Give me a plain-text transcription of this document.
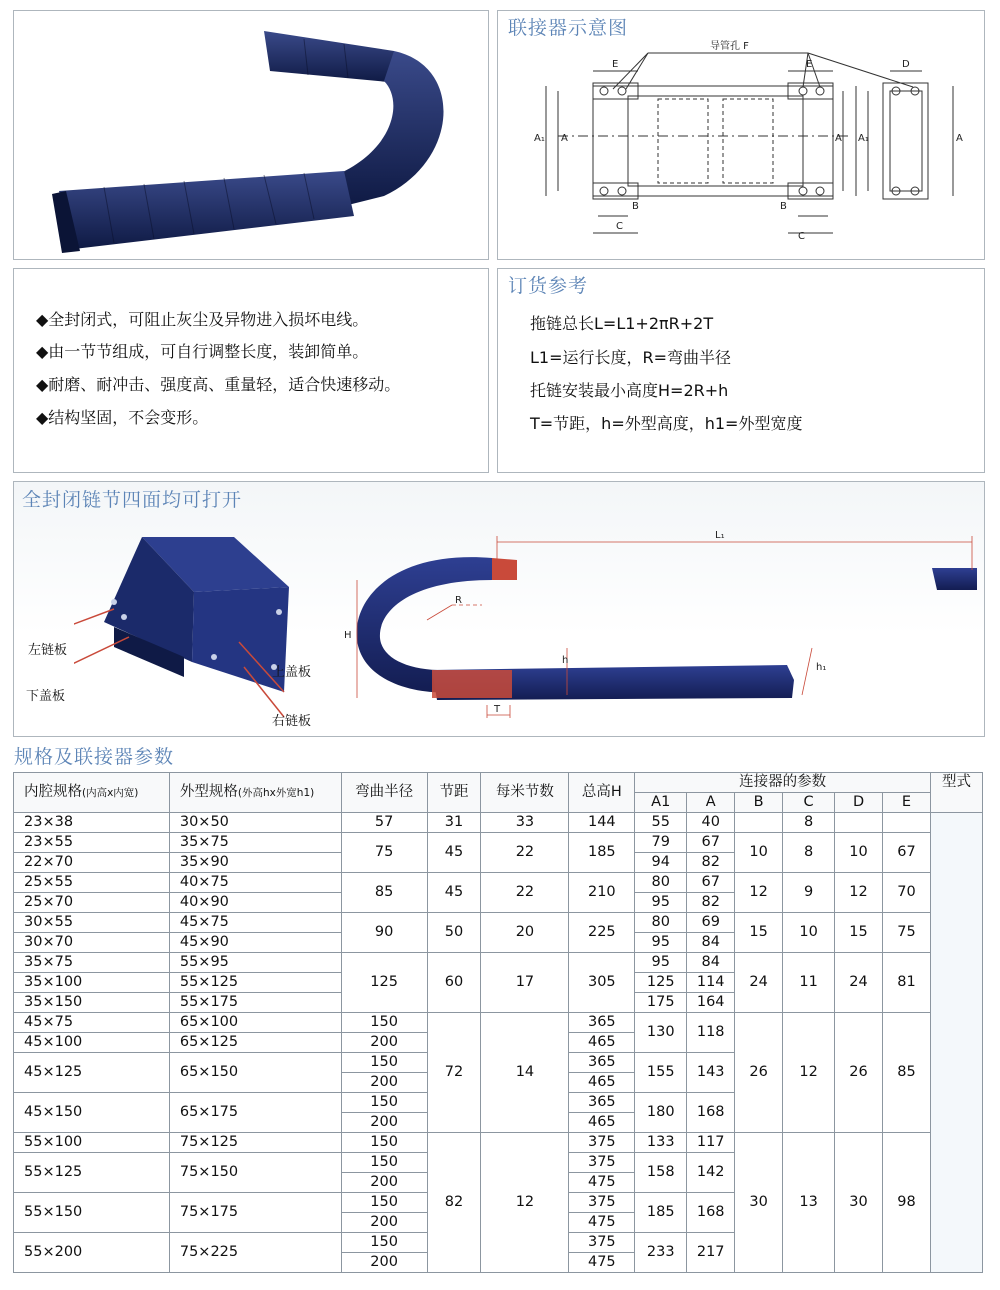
联接器示意图
导管孔 F
E	E	D
A₁ A	A A₁	A
B	B
C
C
◆全封闭式，可阻止灰尘及异物进入损坏电线。
◆由一节节组成，可自行调整长度，装卸简单。
◆耐磨、耐冲击、强度高、重量轻，适合快速移动。
◆结构坚固，不会变形。
订货参考
拖链总长L=L1+2πR+2T
L1=运行长度，R=弯曲半径
托链安装最小高度H=2R+h
T=节距，h=外型高度，h1=外型宽度
全封闭链节四面均可打开
左链板
下盖板
上盖板
右链板
L₁
H
R
h
h₁
T
规格及联接器参数
内腔规格(内高x内宽)	外型规格(外高hx外宽h1)	弯曲半径	节距	每米节数	总高H	连接器的参数						型式
						A1	A	B	C	D	E	
23×38	30×50	57	31	33	144	55	40		8			
23×55	35×75	75	45	22	185	79	67	10	8	10	67	
22×70	35×90					94	82					
25×55	40×75	85	45	22	210	80	67	12	9	12	70	
25×70	40×90					95	82					
30×55	45×75	90	50	20	225	80	69	15	10	15	75	
30×70	45×90					95	84					
35×75	55×95	125	60	17	305	95	84	24	11	24	81	
35×100	55×125					125	114					
35×150	55×175					175	164					
45×75	65×100	150	72	14	365	130	118	26	12	26	85	
45×100	65×125	200			465							
45×125	65×150	150			365	155	143					
		200			465							
45×150	65×175	150			365	180	168					
		200			465							
55×100	75×125	150	82	12	375	133	117	30	13	30	98	
55×125	75×150	150			375	158	142					
		200			475							
55×150	75×175	150			375	185	168					
		200			475							
55×200	75×225	150			375	233	217					
		200			475							
